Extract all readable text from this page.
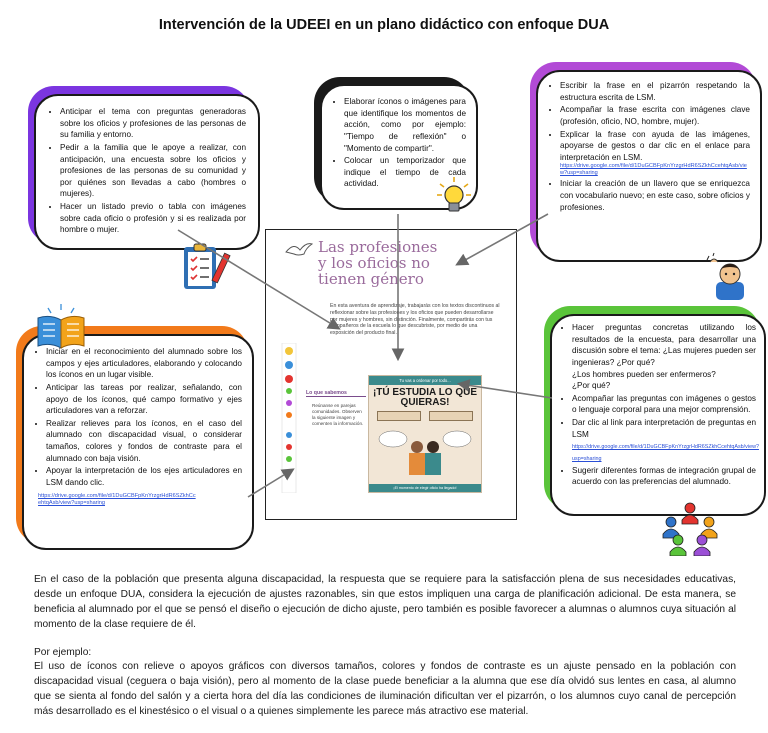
Intervención de la UDEEI en un plano didáctico con enfoque DUA
• Anticipar el tema con preguntas generadoras sobre los oficios y profesiones de las personas de su familia y entorno.
• Pedir a la familia que le apoye a realizar, con anticipación, una encuesta sobre los oficios y profesiones de las personas de su comunidad y por quiénes son llevadas a cabo (hombres o mujeres).
• Hacer un listado previo o tabla con imágenes sobre cada oficio o profesión y si es realizada por hombre o mujer.
• Elaborar íconos o imágenes para que identifique los momentos de acción, como por ejemplo: "Tiempo de reflexión" o "Momento de compartir".
• Colocar un temporizador que indique el tiempo de cada actividad.
• Escribir la frase en el pizarrón respetando la estructura escrita de LSM.
• Acompañar la frase escrita con imágenes clave (profesión, oficio, NO, hombre, mujer).
• Explicar la frase con ayuda de las imágenes, apoyarse de gestos o dar clic en el enlace para interpretación en LSM.
https://drive.google.com/file/d/1DuGCBFpKnYrzgrHdR6SZkhCcehtqAsb/view?usp=sharing
• Iniciar la creación de un llavero que se enriquezca con vocabulario nuevo; en este caso, sobre oficios y profesiones.
• Iniciar en el reconocimiento del alumnado sobre los campos y ejes articuladores, elaborando y colocando los íconos en un lugar visible.
• Anticipar las tareas por realizar, señalando, con apoyo de los íconos, qué campo formativo y ejes articuladores van a reforzar.
• Realizar relieves para los íconos, en el caso del alumnado con discapacidad visual, o considerar tamaños, colores y fondos de contraste para el alumnado con baja visión.
• Apoyar la interpretación de los ejes articuladores en LSM dando clic.
https://drive.google.com/file/d/1DuGCBFpKnYrzgrHdR6SZkhCcehtqAsb/view?usp=sharing
• Hacer preguntas concretas utilizando los resultados de la encuesta, para desarrollar una discusión sobre el tema: ¿Las mujeres pueden ser ingenieras? ¿Por qué?
¿Los hombres pueden ser enfermeros?
¿Por qué?
• Acompañar las preguntas con imágenes o gestos o lenguaje corporal para una mejor comprensión.
• Dar clic al link para interpretación de preguntas en LSM https://drive.google.com/file/d/1DuGCBFpKnYrzgrHdR6SZkhCcehtqAsb/view?usp=sharing
• Sugerir diferentes formas de integración grupal de acuerdo con las preferencias del alumnado.
Las profesiones
y los oficios no
tienen género
En esta aventura de aprendizaje, trabajarás con los textos discontinuos al reflexionar sobre las profesiones y los oficios que pueden desarrollarse por mujeres y hombres, sin distinción. Finalmente, compartirás con tus compañeros de la escuela lo que descubriste, por medio de una exposición del producto final.
Lo que sabemos
Reúnanse en parejas comunidades. Observen la siguiente imagen y comenten la información.
Tu vas a ordenar por todo...
¡TÚ ESTUDIA LO QUE QUIERAS!
¡El momento de elegir oficio ha llegado!
En el caso de la población que presenta alguna discapacidad, la respuesta que se requiere para la satisfacción plena de sus necesidades educativas, desde un enfoque DUA, considera la ejecución de ajustes razonables, sin que estos impliquen una carga de planificación adicional. De esta manera, se beneficia al alumnado por el que se pensó el diseño o ejecución de dicho ajuste, pero también es posible favorecer a alumnas o alumnos cuya situación al momento de la clase requiere de él.
Por ejemplo:
El uso de íconos con relieve o apoyos gráficos con diversos tamaños, colores y fondos de contraste es un ajuste pensado en la población con discapacidad visual (ceguera o baja visión), pero al momento de la clase puede beneficiar a la alumna que ese día olvidó sus lentes en casa, al alumno que se sienta al fondo del salón y a cierta hora del día las condiciones de iluminación dificultan ver el pizarrón, o los alumnos cuyo canal de percepción más desarrollado es el kinestésico o el visual o a quienes simplemente les parece más atractivo ese material.
